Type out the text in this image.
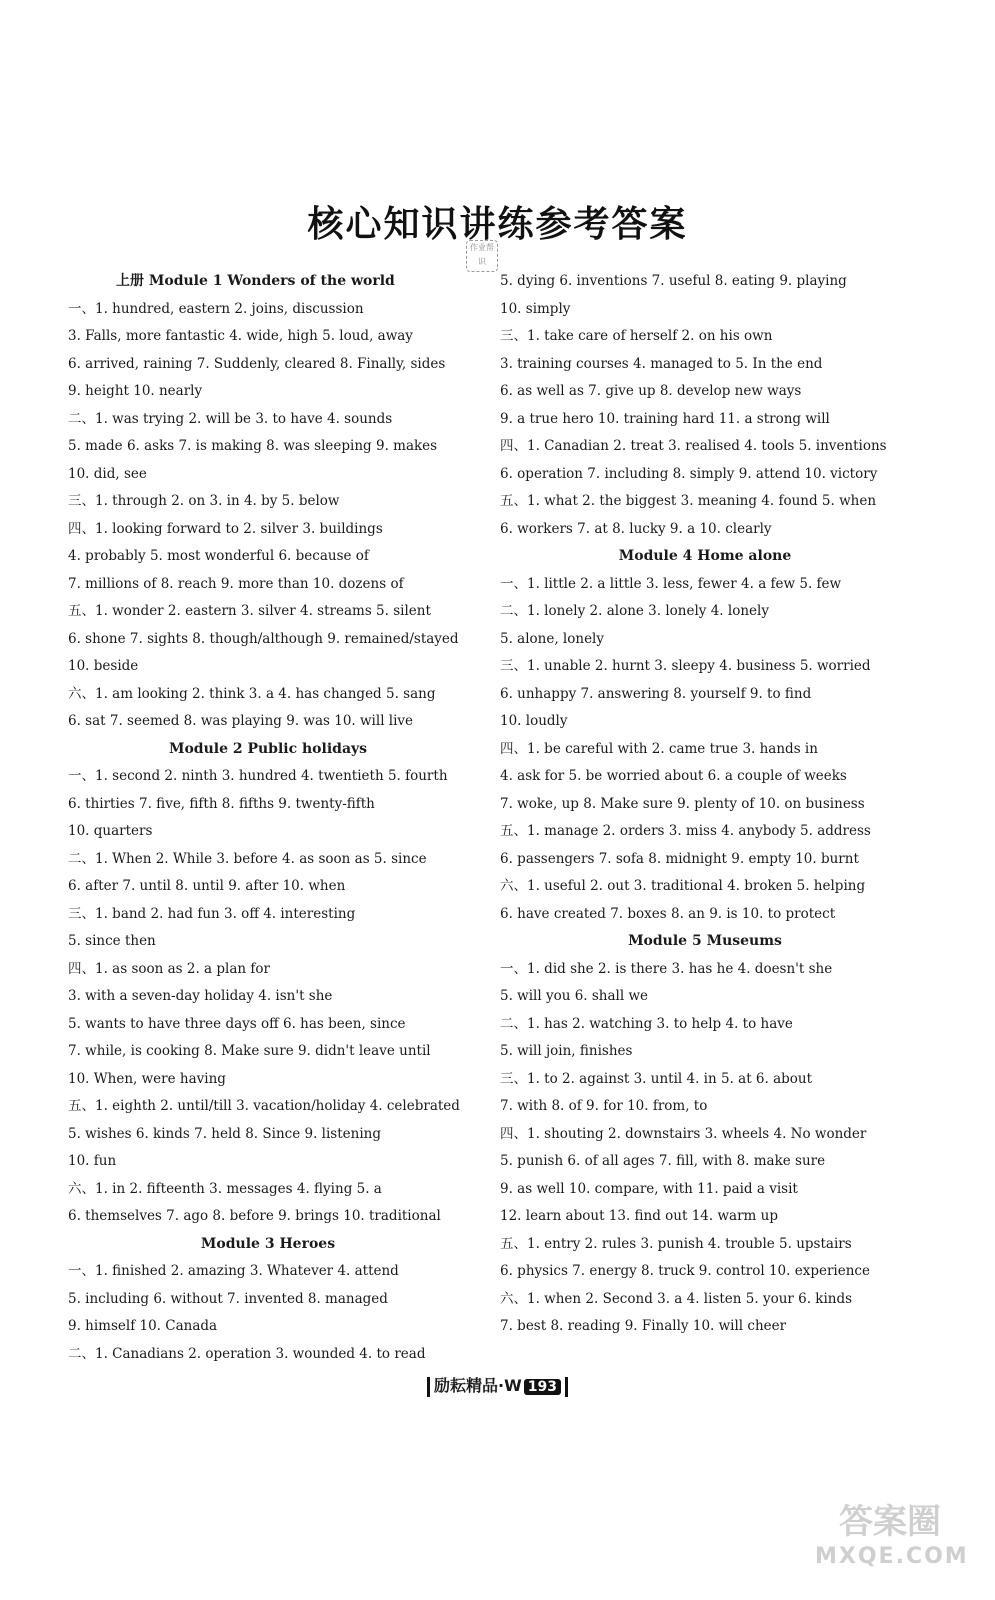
核心知识讲练参考答案
作业帮识
上册 Module 1 Wonders of the world
一、1. hundred, eastern 2. joins, discussion
3. Falls, more fantastic 4. wide, high 5. loud, away
6. arrived, raining 7. Suddenly, cleared 8. Finally, sides
9. height 10. nearly
二、1. was trying 2. will be 3. to have 4. sounds
5. made 6. asks 7. is making 8. was sleeping 9. makes
10. did, see
三、1. through 2. on 3. in 4. by 5. below
四、1. looking forward to 2. silver 3. buildings
4. probably 5. most wonderful 6. because of
7. millions of 8. reach 9. more than 10. dozens of
五、1. wonder 2. eastern 3. silver 4. streams 5. silent
6. shone 7. sights 8. though/although 9. remained/stayed
10. beside
六、1. am looking 2. think 3. a 4. has changed 5. sang
6. sat 7. seemed 8. was playing 9. was 10. will live
Module 2 Public holidays
一、1. second 2. ninth 3. hundred 4. twentieth 5. fourth
6. thirties 7. five, fifth 8. fifths 9. twenty-fifth
10. quarters
二、1. When 2. While 3. before 4. as soon as 5. since
6. after 7. until 8. until 9. after 10. when
三、1. band 2. had fun 3. off 4. interesting
5. since then
四、1. as soon as 2. a plan for
3. with a seven-day holiday 4. isn't she
5. wants to have three days off 6. has been, since
7. while, is cooking 8. Make sure 9. didn't leave until
10. When, were having
五、1. eighth 2. until/till 3. vacation/holiday 4. celebrated
5. wishes 6. kinds 7. held 8. Since 9. listening
10. fun
六、1. in 2. fifteenth 3. messages 4. flying 5. a
6. themselves 7. ago 8. before 9. brings 10. traditional
Module 3 Heroes
一、1. finished 2. amazing 3. Whatever 4. attend
5. including 6. without 7. invented 8. managed
9. himself 10. Canada
二、1. Canadians 2. operation 3. wounded 4. to read
5. dying 6. inventions 7. useful 8. eating 9. playing
10. simply
三、1. take care of herself 2. on his own
3. training courses 4. managed to 5. In the end
6. as well as 7. give up 8. develop new ways
9. a true hero 10. training hard 11. a strong will
四、1. Canadian 2. treat 3. realised 4. tools 5. inventions
6. operation 7. including 8. simply 9. attend 10. victory
五、1. what 2. the biggest 3. meaning 4. found 5. when
6. workers 7. at 8. lucky 9. a 10. clearly
Module 4 Home alone
一、1. little 2. a little 3. less, fewer 4. a few 5. few
二、1. lonely 2. alone 3. lonely 4. lonely
5. alone, lonely
三、1. unable 2. hurnt 3. sleepy 4. business 5. worried
6. unhappy 7. answering 8. yourself 9. to find
10. loudly
四、1. be careful with 2. came true 3. hands in
4. ask for 5. be worried about 6. a couple of weeks
7. woke, up 8. Make sure 9. plenty of 10. on business
五、1. manage 2. orders 3. miss 4. anybody 5. address
6. passengers 7. sofa 8. midnight 9. empty 10. burnt
六、1. useful 2. out 3. traditional 4. broken 5. helping
6. have created 7. boxes 8. an 9. is 10. to protect
Module 5 Museums
一、1. did she 2. is there 3. has he 4. doesn't she
5. will you 6. shall we
二、1. has 2. watching 3. to help 4. to have
5. will join, finishes
三、1. to 2. against 3. until 4. in 5. at 6. about
7. with 8. of 9. for 10. from, to
四、1. shouting 2. downstairs 3. wheels 4. No wonder
5. punish 6. of all ages 7. fill, with 8. make sure
9. as well 10. compare, with 11. paid a visit
12. learn about 13. find out 14. warm up
五、1. entry 2. rules 3. punish 4. trouble 5. upstairs
6. physics 7. energy 8. truck 9. control 10. experience
六、1. when 2. Second 3. a 4. listen 5. your 6. kinds
7. best 8. reading 9. Finally 10. will cheer
励耘精品·W 193
答案圈
MXQE.COM
